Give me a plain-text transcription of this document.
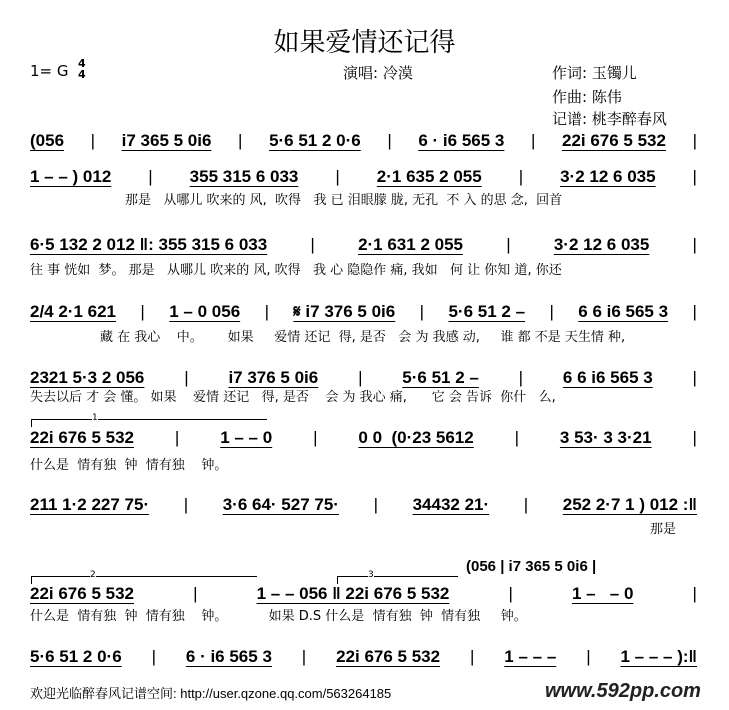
如果爱情还记得
1= G 4
4	演唱: 冷漠	作词: 玉镯儿
作曲: 陈伟
记谱: 桃李醉春风
(056 | i7 365 5 0i6 | 5·6 51 2 0·6 | 6 · i6 565 3 | 22i 676 5 532 |
1 – – ) 012 | 355 315 6 033 | 2·1 635 2 055 | 3·2 12 6 035 |
那是   从哪儿 吹来的 风,  吹得   我 已 泪眼朦 胧, 无孔  不 入 的思 念,  回首
6·5 132 2 012 ‖: 355 315 6 033	|	2·1 631 2 055	|	3·2 12 6 035	|
往 事 恍如  梦。 那是   从哪儿 吹来的 风, 吹得   我 心 隐隐作 痛, 我如   何 让 你知 道, 你还
2/4 2·1 621 | 1 – 0 056 | 𝄋 i7 376 5 0i6 | 5·6 51 2 – | 6 6 i6 565 3 |
藏 在 我心    中。      如果     爱情 还记  得, 是否   会 为 我感 动,     谁 都 不是 天生情 种,
2321 5·3 2 056 | i7 376 5 0i6 | 5·6 51 2 – | 6 6 i6 565 3 |
失去以后 才 会 懂。 如果    爱情 还记   得, 是否    会 为 我心 痛,      它 会 告诉  你什   么,
22i 676 5 532 | 1 – – 0 | 0 0  (0·23 5612 | 3 53· 3 3·21 |
什么是  情有独  钟  情有独    钟。
211 1·2 227 75· | 3·6 64· 527 75· | 34432 21· | 252 2·7 1 ) 012 :‖
那是
22i 676 5 532	|	1 – – 056 ‖ 22i 676 5 532	|	1 –   – 0	|
什么是  情有独  钟  情有独    钟。          如果 D.S 什么是  情有独  钟  情有独     钟。
5·6 51 2 0·6 | 6 · i6 565 3 | 22i 676 5 532 | 1 – – – | 1 – – – ):‖
(056 | i7 365 5 0i6 |
1
2	3
欢迎光临醉春风记谱空间: http://user.qzone.qq.com/563264185	www.592pp.com
